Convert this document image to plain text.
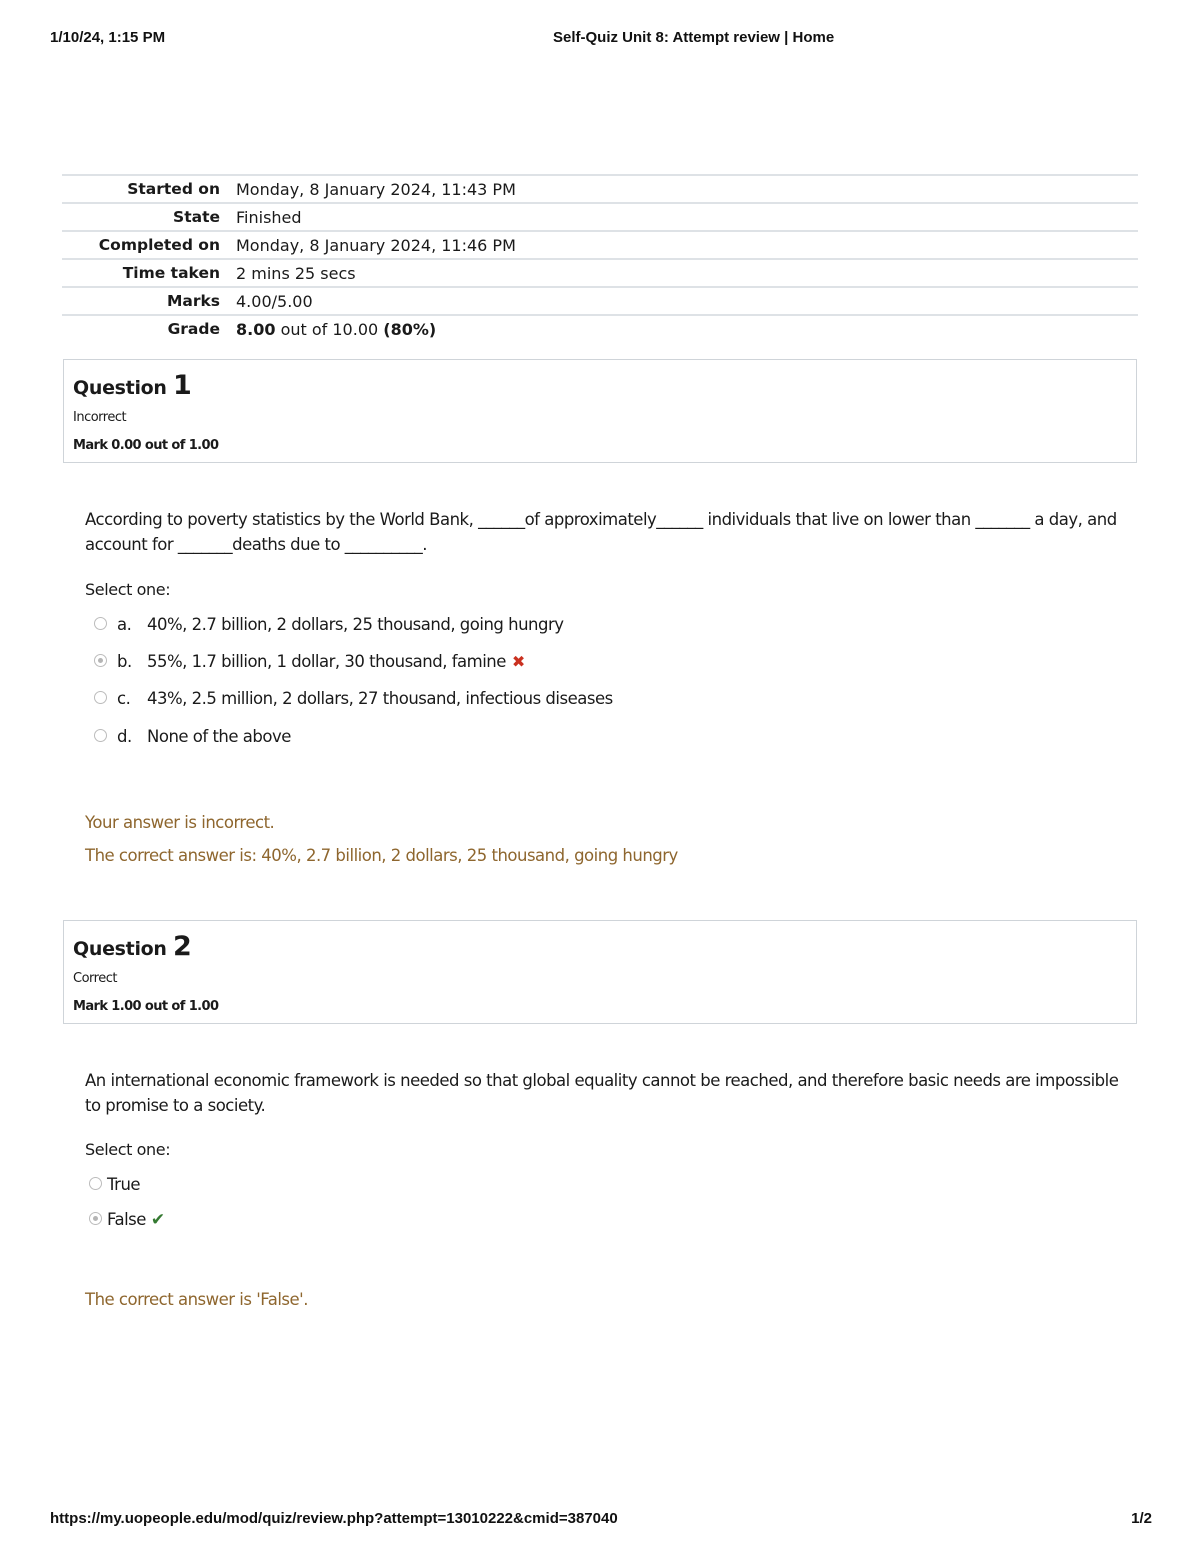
1/10/24, 1:15 PM	Self-Quiz Unit 8: Attempt review | Home
Started on	Monday, 8 January 2024, 11:43 PM
State	Finished
Completed on	Monday, 8 January 2024, 11:46 PM
Time taken	2 mins 25 secs
Marks	4.00/5.00
Grade	8.00 out of 10.00 (80%)
Question 1
Incorrect
Mark 0.00 out of 1.00
According to poverty statistics by the World Bank, ______of approximately______ individuals that live on lower than _______ a day, and account for _______deaths due to __________.
Select one:
a. 40%, 2.7 billion, 2 dollars, 25 thousand, going hungry
b. 55%, 1.7 billion, 1 dollar, 30 thousand, famine ✖
c. 43%, 2.5 million, 2 dollars, 27 thousand, infectious diseases
d. None of the above
Your answer is incorrect.
The correct answer is: 40%, 2.7 billion, 2 dollars, 25 thousand, going hungry
Question 2
Correct
Mark 1.00 out of 1.00
An international economic framework is needed so that global equality cannot be reached, and therefore basic needs are impossible to promise to a society.
Select one:
True
False ✔
The correct answer is 'False'.
https://my.uopeople.edu/mod/quiz/review.php?attempt=13010222&cmid=387040	1/2
